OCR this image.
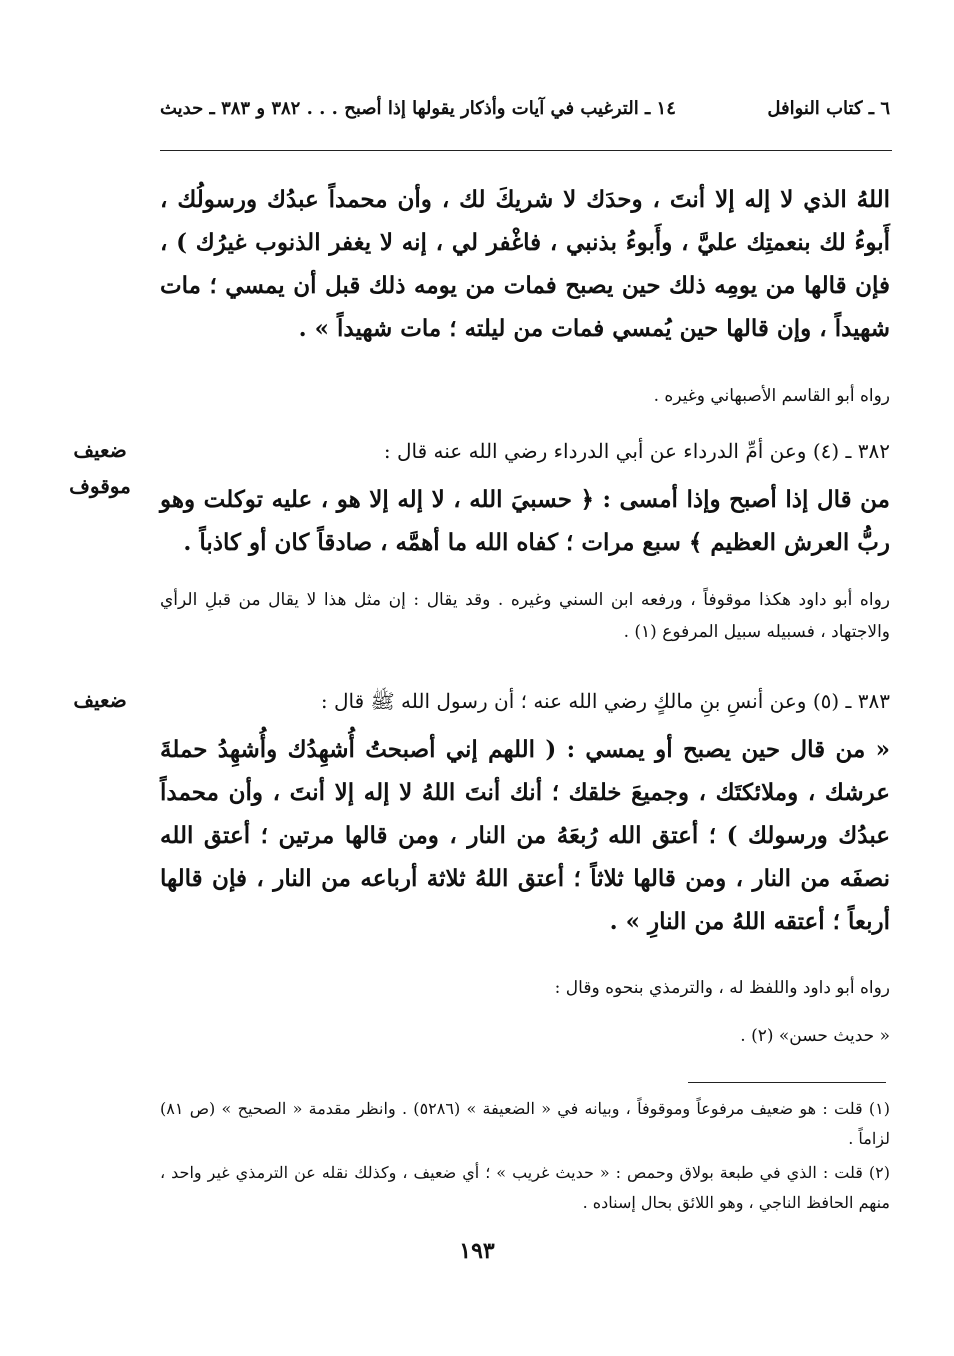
٦ ـ كتاب النوافل
١٤ ـ الترغيب في آيات وأذكار يقولها إذا أصبح . . . ٣٨٢ و ٣٨٣ ـ حديث
اللهُ الذي لا إله إلا أنتَ ، وحدَك لا شريكَ لك ، وأن محمداً عبدُك ورسولُك ، أَبوءُ لك بنعمتِك عليَّ ، وأَبوءُ بذنبي ، فاغْفر لي ، إنه لا يغفر الذنوب غيرُك ) ، فإن قالها من يومِه ذلك حين يصبح فمات من يومه ذلك قبل أن يمسي ؛ مات شهيداً ، وإن قالها حين يُمسي فمات من ليلته ؛ مات شهيداً » .
رواه أبو القاسم الأصبهاني وغيره .
ضعيف
موقوف
٣٨٢ ـ (٤) وعن أمِّ الدرداء عن أبي الدرداء رضي الله عنه قال :
من قال إذا أصبح وإذا أمسى : ﴿ حسبيَ الله ، لا إله إلا هو ، عليه توكلت وهو ربُّ العرش العظيم ﴾ سبع مرات ؛ كفاه الله ما أهمَّه ، صادقاً كان أو كاذباً .
رواه أبو داود هكذا موقوفاً ، ورفعه ابن السني وغيره . وقد يقال : إن مثل هذا لا يقال من قبلِ الرأي والاجتهاد ، فسبيله سبيل المرفوع (١) .
ضعيف	٣٨٣ ـ (٥) وعن أنسِ بنِ مالكٍ رضي الله عنه ؛ أن رسول الله ﷺ قال :
« من قال حين يصبح أو يمسي : ( اللهم إني أصبحتُ أُشهِدُك وأُشهِدُ حملةَ عرشك ، وملائكتَك ، وجميعَ خلقك ؛ أنك أنتَ اللهُ لا إله إلا أنتَ ، وأن محمداً عبدُك ورسولك ) ؛ أعتق الله رُبعَهُ من النار ، ومن قالها مرتين ؛ أعتق الله نصفَه من النار ، ومن قالها ثلاثاً ؛ أعتق اللهُ ثلاثة أرباعه من النار ، فإن قالها أربعاً ؛ أعتقه اللهُ من النارِ » .
رواه أبو داود واللفظ له ، والترمذي بنحوه وقال :
« حديث حسن» (٢) .
(١) قلت : هو ضعيف مرفوعاً وموقوفاً ، وبيانه في « الضعيفة » (٥٢٨٦) . وانظر مقدمة « الصحيح » (ص ٨١) لزاماً .
(٢) قلت : الذي في طبعة بولاق وحمص : « حديث غريب » ؛ أي ضعيف ، وكذلك نقله عن الترمذي غير واحد ، منهم الحافظ الناجي ، وهو اللائق بحال إسناده .
١٩٣
